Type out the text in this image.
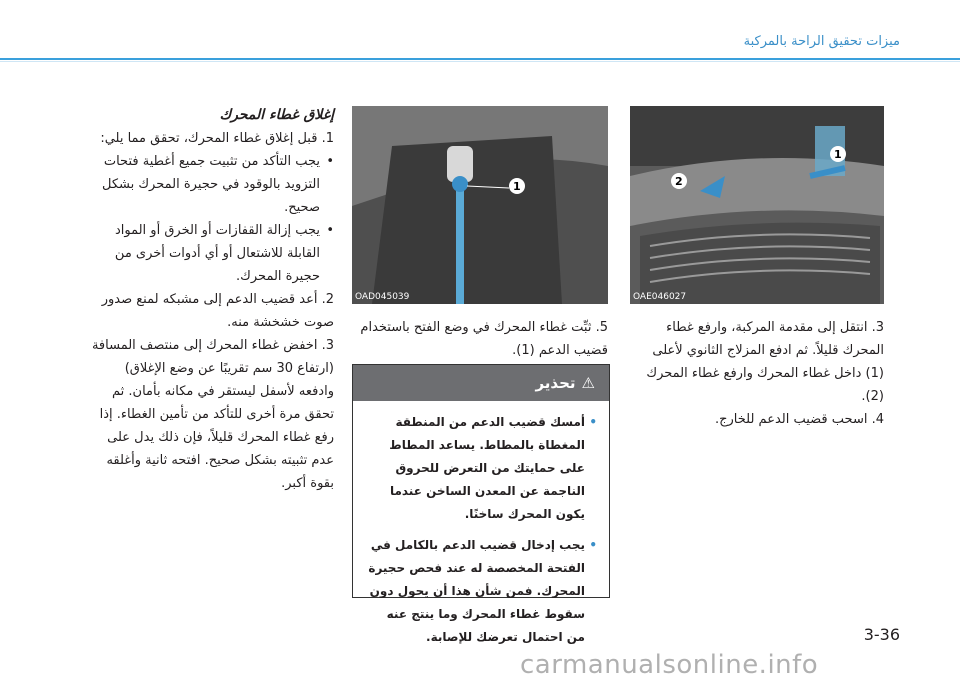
ميزات تحقيق الراحة بالمركبة
1
2
OAE046027
1
OAD045039

3. انتقل إلى مقدمة المركبة، وارفع غطاء المحرك قليلاً. ثم ادفع المزلاج الثانوي لأعلى (1) داخل غطاء المحرك وارفع غطاء المحرك (2).

4. اسحب قضيب الدعم للخارج.

5. ثبِّت غطاء المحرك في وضع الفتح باستخدام قضيب الدعم (1).

⚠تحذير
• أمسك قضيب الدعم من المنطقة المغطاة بالمطاط. يساعد المطاط على حمايتك من التعرض للحروق الناجمة عن المعدن الساخن عندما يكون المحرك ساخنًا.
• يجب إدخال قضيب الدعم بالكامل في الفتحة المخصصة له عند فحص حجيرة المحرك. فمن شأن هذا أن يحول دون سقوط غطاء المحرك وما ينتج عنه من احتمال تعرضك للإصابة.

إغلاق غطاء المحرك

1. قبل إغلاق غطاء المحرك، تحقق مما يلي:

• يجب التأكد من تثبيت جميع أغطية فتحات التزويد بالوقود في حجيرة المحرك بشكل صحيح.

• يجب إزالة القفازات أو الخرق أو المواد القابلة للاشتعال أو أي أدوات أخرى من حجيرة المحرك.

2. أعد قضيب الدعم إلى مشبكه لمنع صدور صوت خشخشة منه.

3. اخفض غطاء المحرك إلى منتصف المسافة (ارتفاع 30 سم تقريبًا عن وضع الإغلاق) وادفعه لأسفل ليستقر في مكانه بأمان. ثم تحقق مرة أخرى للتأكد من تأمين الغطاء. إذا رفع غطاء المحرك قليلاً، فإن ذلك يدل على عدم تثبيته بشكل صحيح. افتحه ثانية وأغلقه بقوة أكبر.

3-36
carmanualsonline.info
